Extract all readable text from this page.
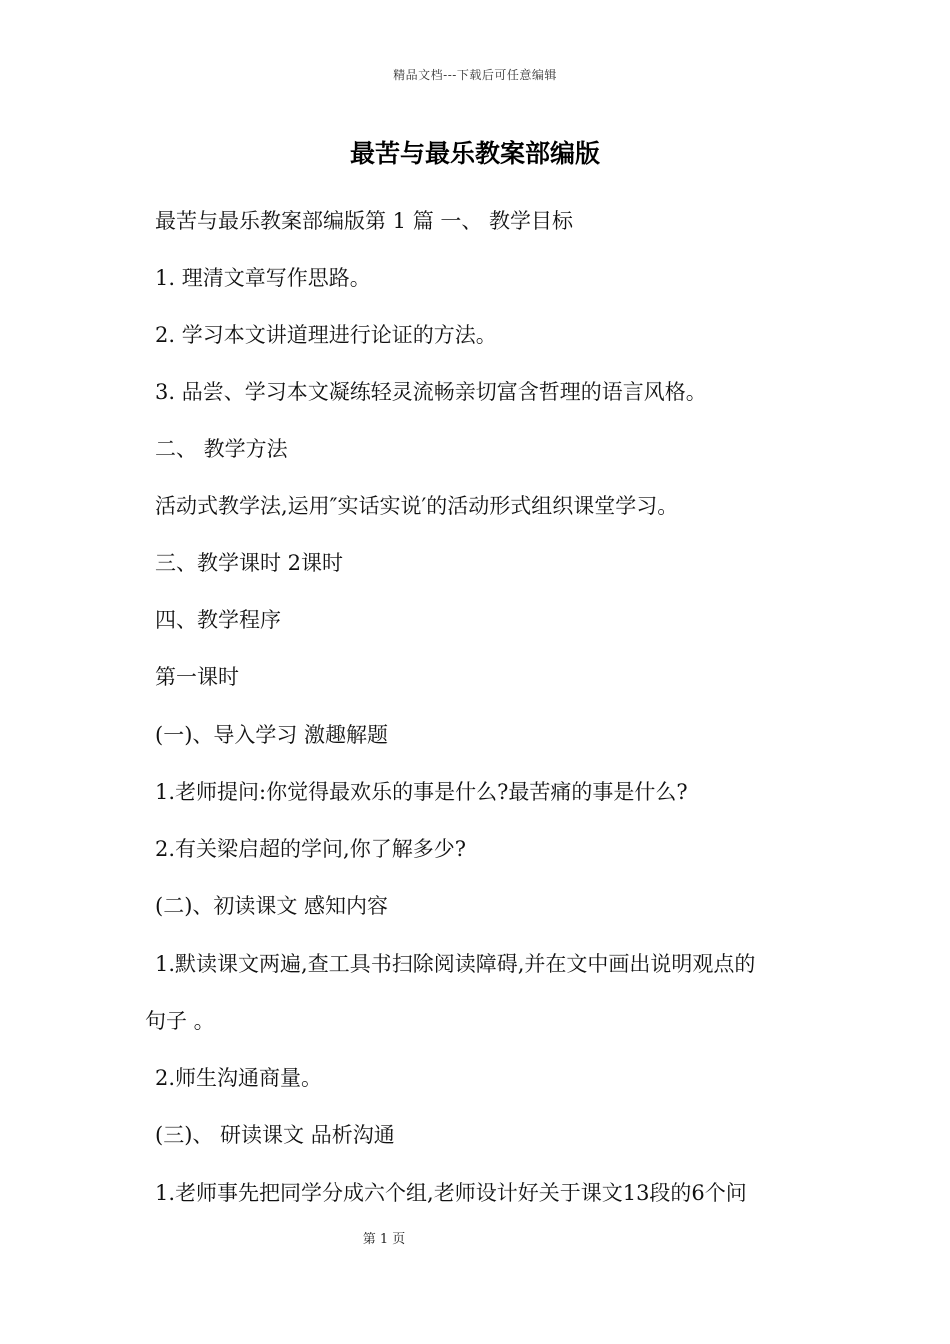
精品文档---下载后可任意编辑
最苦与最乐教案部编版
最苦与最乐教案部编版第 1 篇 一、 教学目标
1. 理清文章写作思路。
2. 学习本文讲道理进行论证的方法。
3. 品尝、学习本文凝练轻灵流畅亲切富含哲理的语言风格。
二、 教学方法
活动式教学法,运用″实话实说′的活动形式组织课堂学习。
三、教学课时 2课时
四、教学程序
第一课时
(一)、导入学习 激趣解题
1.老师提问:你觉得最欢乐的事是什么?最苦痛的事是什么?
2.有关梁启超的学问,你了解多少?
(二)、初读课文 感知内容
1.默读课文两遍,查工具书扫除阅读障碍,并在文中画出说明观点的
句子 。
2.师生沟通商量。
(三)、 研读课文 品析沟通
1.老师事先把同学分成六个组,老师设计好关于课文13段的6个问
第 1 页
